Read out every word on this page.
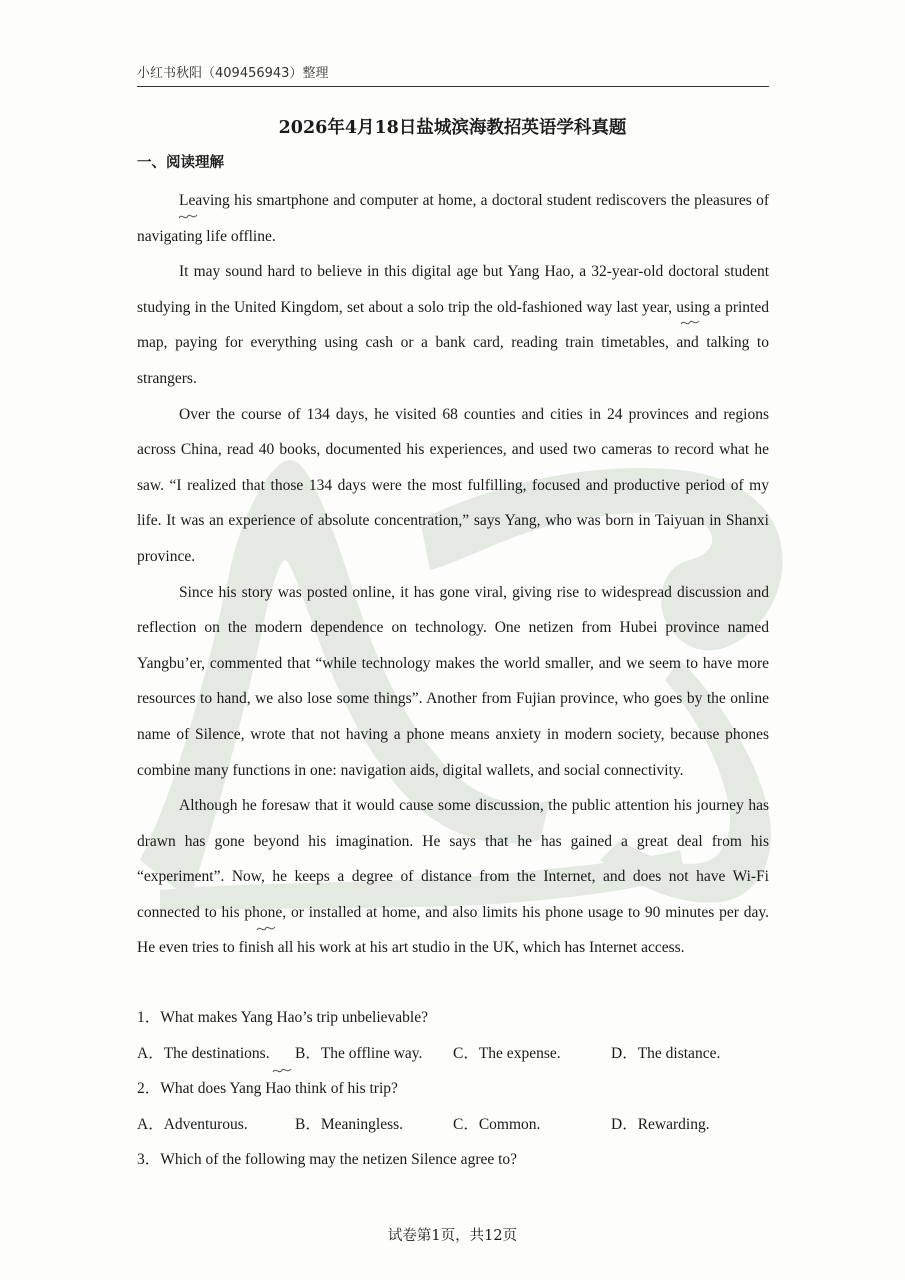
小红书秋阳（409456943）整理
2026年4月18日盐城滨海教招英语学科真题
一、阅读理解

Leaving his smartphone and computer at home, a doctoral student rediscovers the pleasures of navigating life offline.

It may sound hard to believe in this digital age but Yang Hao, a 32-year-old doctoral student studying in the United Kingdom, set about a solo trip the old-fashioned way last year, using a printed map, paying for everything using cash or a bank card, reading train timetables, and talking to strangers.

Over the course of 134 days, he visited 68 counties and cities in 24 provinces and regions across China, read 40 books, documented his experiences, and used two cameras to record what he saw. “I realized that those 134 days were the most fulfilling, focused and productive period of my life. It was an experience of absolute concentration,” says Yang, who was born in Taiyuan in Shanxi province.

Since his story was posted online, it has gone viral, giving rise to widespread discussion and reflection on the modern dependence on technology. One netizen from Hubei province named Yangbu’er, commented that “while technology makes the world smaller, and we seem to have more resources to hand, we also lose some things”. Another from Fujian province, who goes by the online name of Silence, wrote that not having a phone means anxiety in modern society, because phones combine many functions in one: navigation aids, digital wallets, and social connectivity.

Although he foresaw that it would cause some discussion, the public attention his journey has drawn has gone beyond his imagination. He says that he has gained a great deal from his “experiment”. Now, he keeps a degree of distance from the Internet, and does not have Wi-Fi connected to his phone, or installed at home, and also limits his phone usage to 90 minutes per day. He even tries to finish all his work at his art studio in the UK, which has Internet access.

1．What makes Yang Hao’s trip unbelievable?

A．The destinations.	B．The offline way.	C．The expense.	D．The distance.

2．What does Yang Hao think of his trip?

A．Adventurous.	B．Meaningless.	C．Common.	D．Rewarding.

3．Which of the following may the netizen Silence agree to?

试卷第1页，共12页
